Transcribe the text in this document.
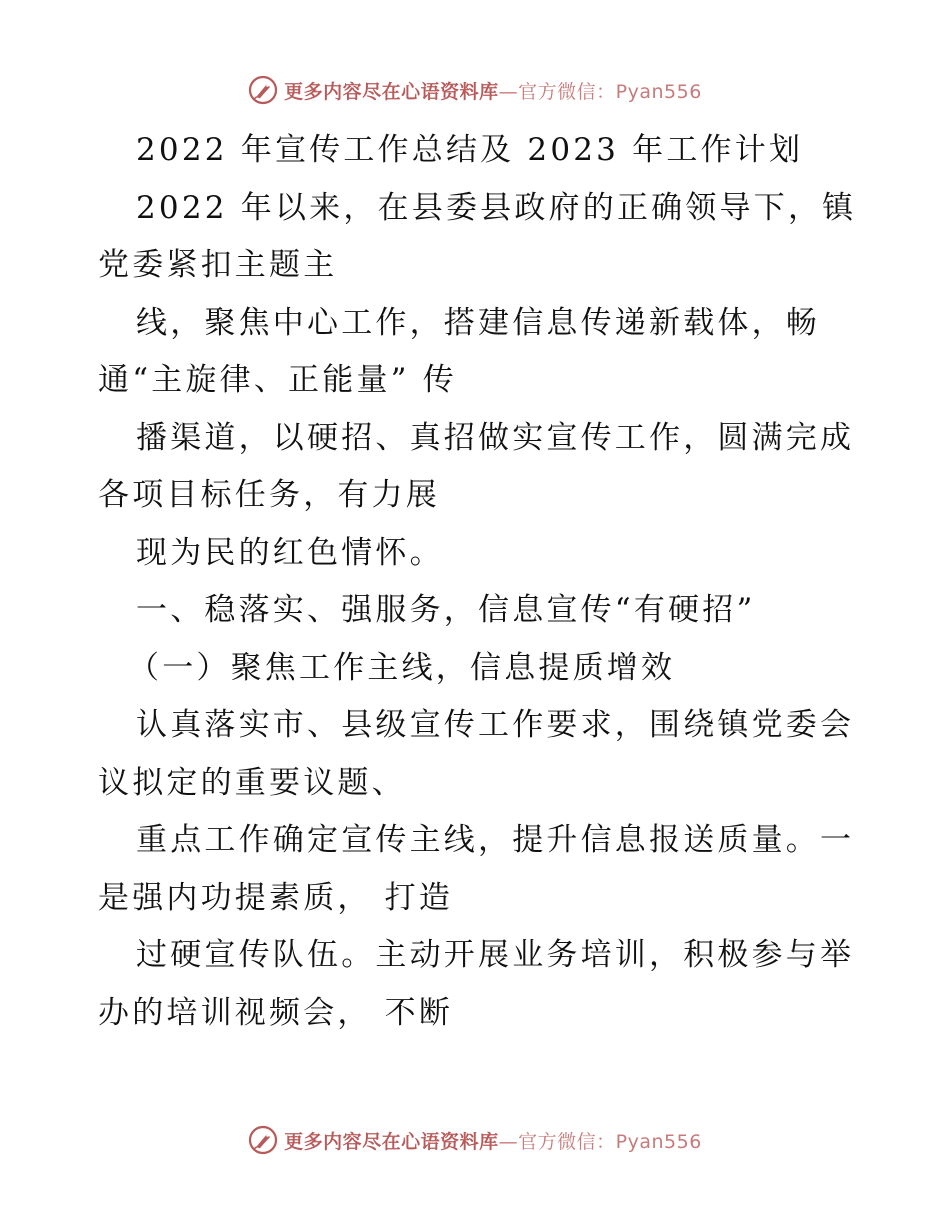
更多内容尽在心语资料库—官方微信：Pyan556
2022 年宣传工作总结及 2023 年工作计划
2022 年以来，在县委县政府的正确领导下，镇
党委紧扣主题主
线，聚焦中心工作，搭建信息传递新载体，畅
通“主旋律、正能量” 传
播渠道，以硬招、真招做实宣传工作，圆满完成
各项目标任务，有力展
现为民的红色情怀。
一、稳落实、强服务，信息宣传“有硬招”
（一）聚焦工作主线，信息提质增效
认真落实市、县级宣传工作要求，围绕镇党委会
议拟定的重要议题、
重点工作确定宣传主线，提升信息报送质量。一
是强内功提素质， 打造
过硬宣传队伍。主动开展业务培训，积极参与举
办的培训视频会， 不断
更多内容尽在心语资料库—官方微信：Pyan556
